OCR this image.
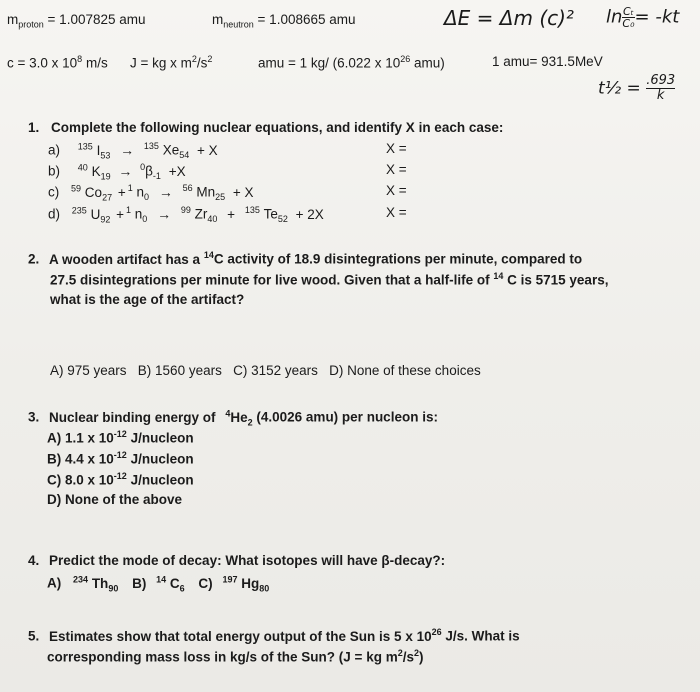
$m_{proton} = 1.007825$ amu	$m_{neutron} = 1.008665$ amu	ΔE = Δm (c)² $\ln \frac{\text{Cₜ}}{\text{C₀}} = -kt$
c = 3.0 x $10^8$ m/s J = kg x $m^2/s^2$	amu = 1 kg/ (6.022 x $10^{26}$ amu)	1 amu= 931.5MeV
t½ = $\frac{.693}{k}$
1. Complete the following nuclear equations, and identify X in each case:
a) $^{135}$ $I_{53} \to ^{135}$ $Xe_{54} + X$	X =
b) $^{40}$ $K_{19} \to ^0\beta_{-1} +X$	X =
c) $^{59}$ $Co_{27} + ^1$ $n_0 \to ^{56}$ $Mn_{25} + X$	X =
d) $^{235}$ $U_{92} + ^1$ $n_0 \to ^{99}$ $Zr_{40} + ^{135}$ $Te_{52} + 2X$	X =
2. A wooden artifact has a $^{14}$C activity of 18.9 disintegrations per minute, compared to
27.5 disintegrations per minute for live wood. Given that a half-life of $^{14}$ C is 5715 years,
what is the age of the artifact?
A) 975 years   B) 1560 years   C) 3152 years   D) None of these choices
3. Nuclear binding energy of $^4He_2$ (4.0026 amu) per nucleon is:
A) 1.1 x $10^{-12}$ J/nucleon
B) 4.4 x $10^{-12}$ J/nucleon
C) 8.0 x $10^{-12}$ J/nucleon
D) None of the above
4. Predict the mode of decay: What isotopes will have β-decay?:
A) $^{234}$ $Th_{90}$ B) $^{14}$ $C_6$ C) $^{197}$ $Hg_{80}$
5. Estimates show that total energy output of the Sun is 5 x $10^{26}$ J/s. What is
corresponding mass loss in kg/s of the Sun? (J = kg $m^2/s^2$)
